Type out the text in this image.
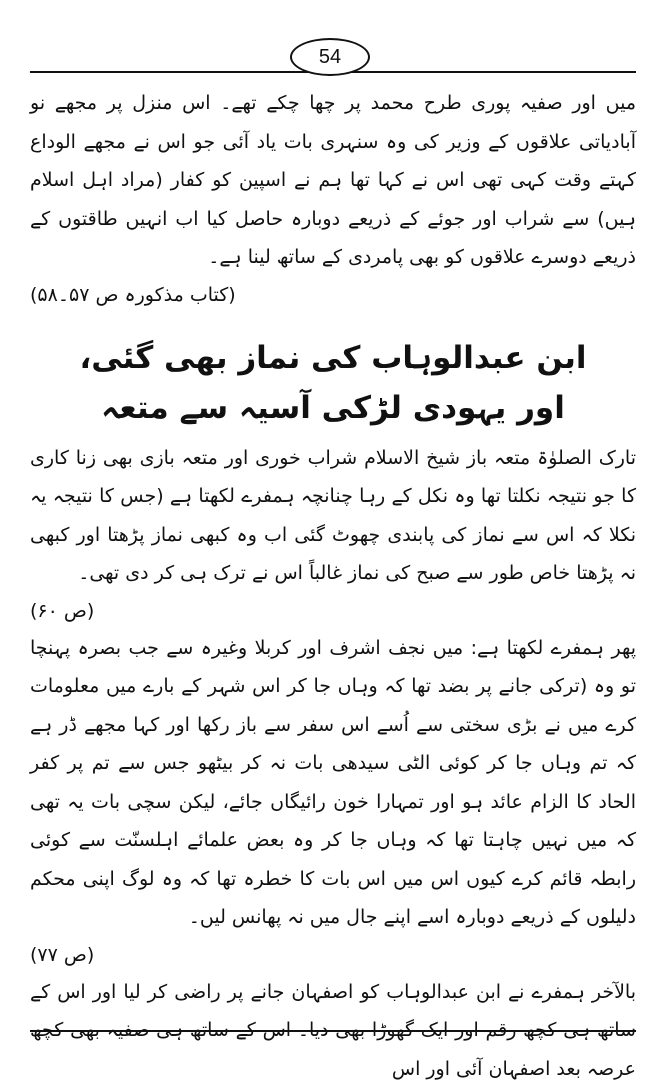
54

میں اور صفیہ پوری طرح محمد پر چھا چکے تھے۔ اس منزل پر مجھے نو آبادیاتی علاقوں کے وزیر کی وہ سنہری بات یاد آئی جو اس نے مجھے الوداع کہتے وقت کہی تھی اس نے کہا تھا ہم نے اسپین کو کفار (مراد اہل اسلام ہیں) سے شراب اور جوئے کے ذریعے دوبارہ حاصل کیا اب انہیں طاقتوں کے ذریعے دوسرے علاقوں کو بھی پامردی کے ساتھ لینا ہے۔

(کتاب مذکورہ ص ۵۷۔۵۸)

ابن عبدالوہاب کی نماز بھی گئی،

اور یہودی لڑکی آسیہ سے متعہ

تارک الصلوٰۃ متعہ باز شیخ الاسلام شراب خوری اور متعہ بازی بھی زنا کاری کا جو نتیجہ نکلتا تھا وہ نکل کے رہا چنانچہ ہمفرے لکھتا ہے (جس کا نتیجہ یہ نکلا کہ اس سے نماز کی پابندی چھوٹ گئی اب وہ کبھی نماز پڑھتا اور کبھی نہ پڑھتا خاص طور سے صبح کی نماز غالباً اس نے ترک ہی کر دی تھی۔

(ص ۶۰)

پھر ہمفرے لکھتا ہے: میں نجف اشرف اور کربلا وغیرہ سے جب بصرہ پہنچا تو وہ (ترکی جانے پر بضد تھا کہ وہاں جا کر اس شہر کے بارے میں معلومات کرے میں نے بڑی سختی سے اُسے اس سفر سے باز رکھا اور کہا مجھے ڈر ہے کہ تم وہاں جا کر کوئی الٹی سیدھی بات نہ کر بیٹھو جس سے تم پر کفر الحاد کا الزام عائد ہو اور تمہارا خون رائیگاں جائے، لیکن سچی بات یہ تھی کہ میں نہیں چاہتا تھا کہ وہاں جا کر وہ بعض علمائے اہلسنّت سے کوئی رابطہ قائم کرے کیوں اس میں اس بات کا خطرہ تھا کہ وہ لوگ اپنی محکم دلیلوں کے ذریعے دوبارہ اسے اپنے جال میں نہ پھانس لیں۔

(ص ۷۷)

بالآخر ہمفرے نے ابن عبدالوہاب کو اصفہان جانے پر راضی کر لیا اور اس کے ساتھ ہی کچھ رقم اور ایک گھوڑا بھی دیا۔ اس کے ساتھ ہی صفیہ بھی کچھ عرصہ بعد اصفہان آئی اور اس
